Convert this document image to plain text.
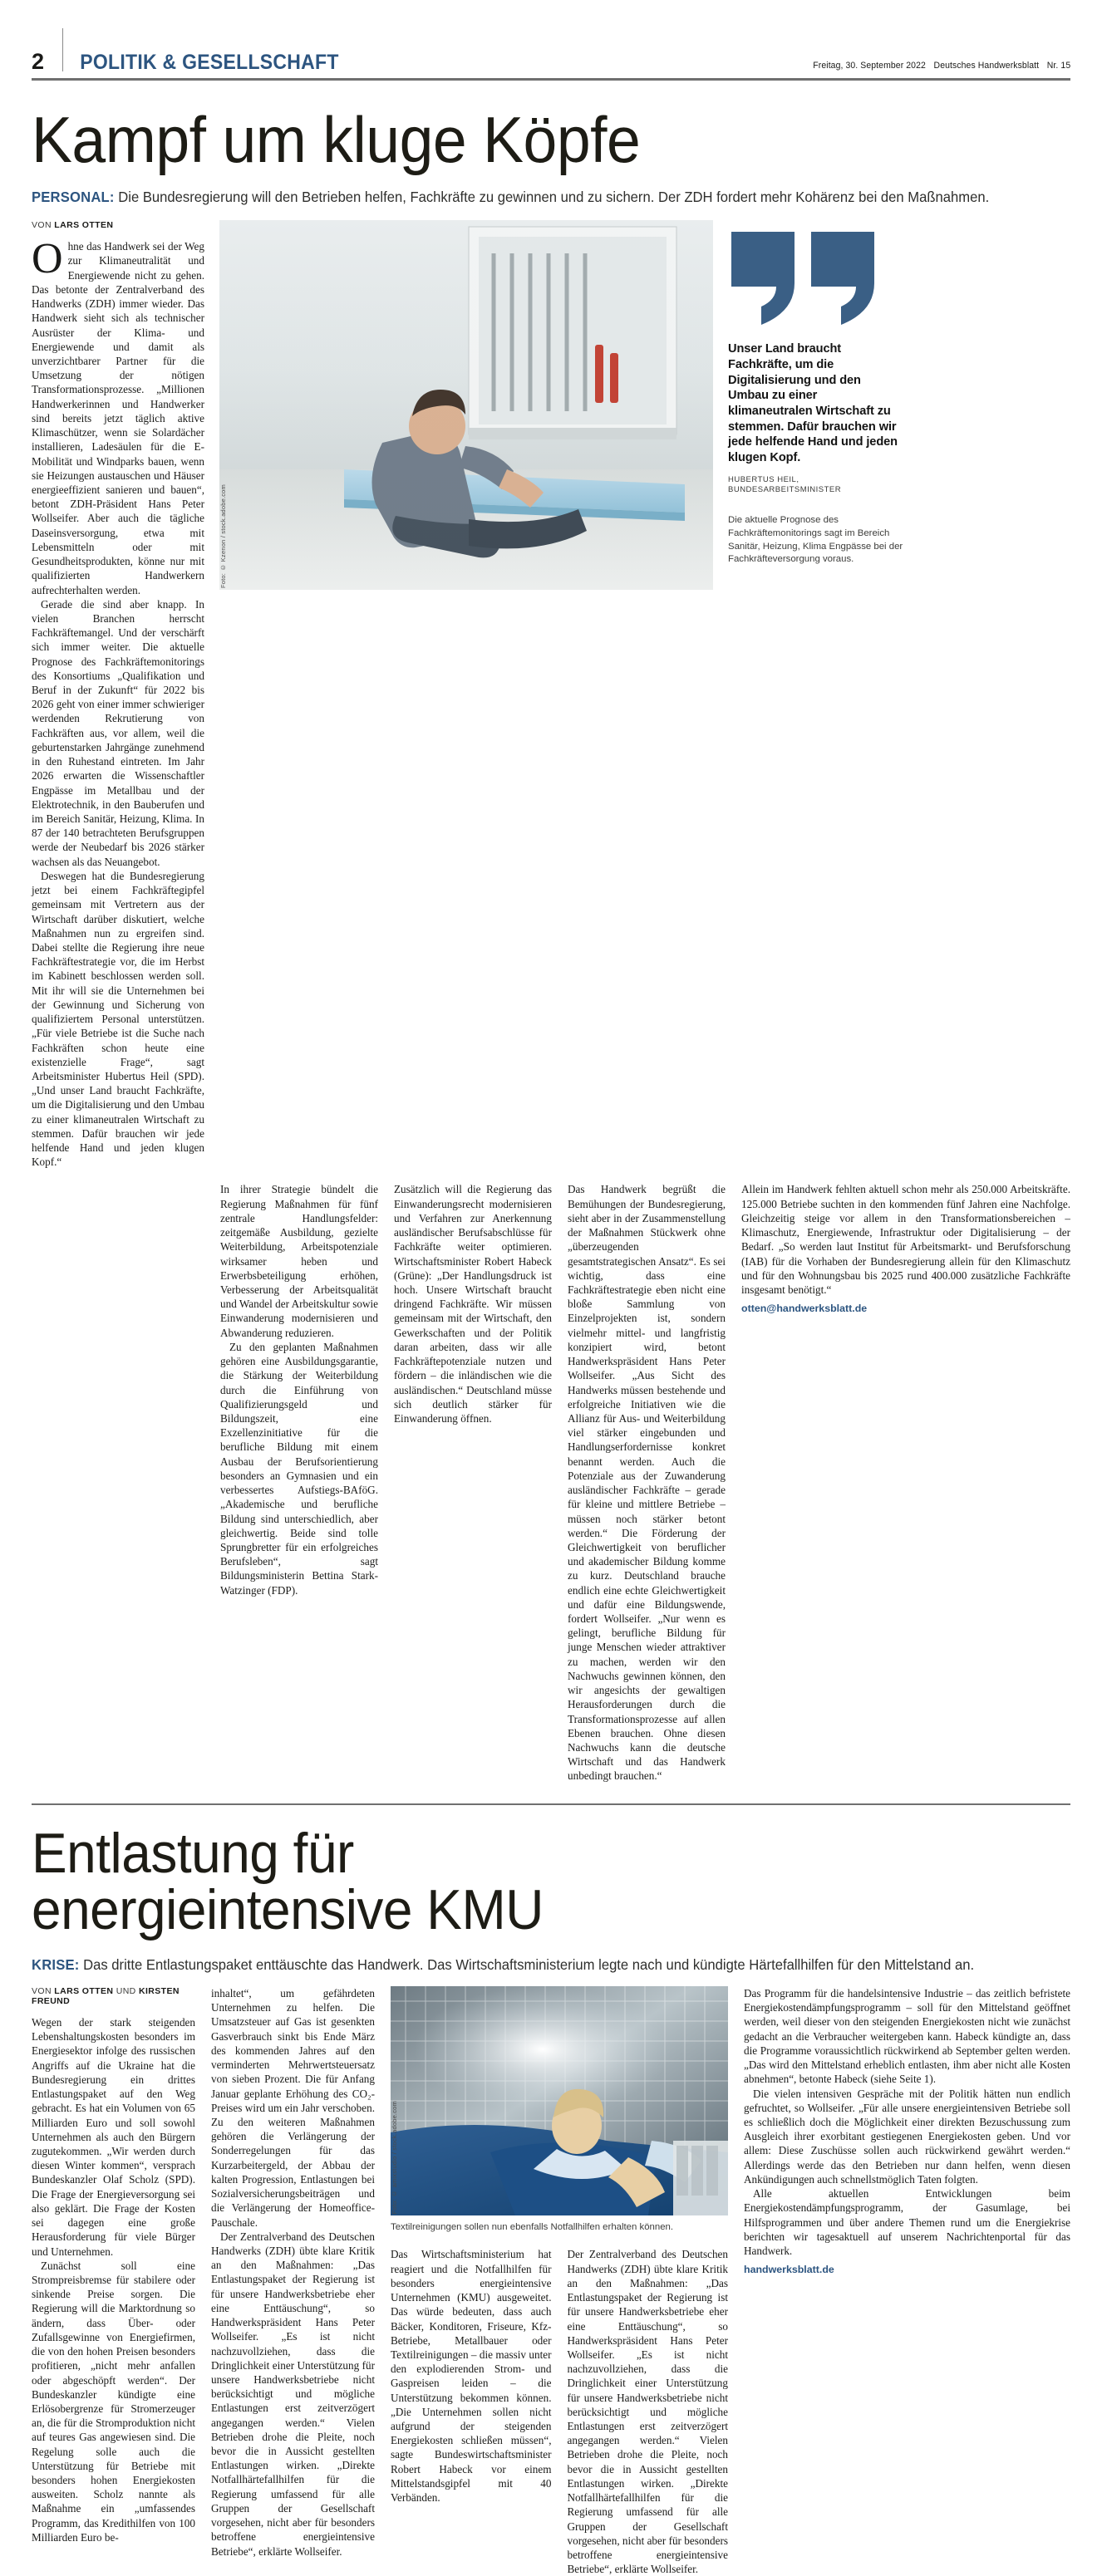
2	POLITIK & GESELLSCHAFT	Freitag, 30. September 2022 Deutsches Handwerksblatt Nr. 15
Kampf um kluge Köpfe
PERSONAL: Die Bundesregierung will den Betrieben helfen, Fachkräfte zu gewinnen und zu sichern. Der ZDH fordert mehr Kohärenz bei den Maßnahmen.
VON LARS OTTEN

Ohne das Handwerk sei der Weg zur Klimaneutralität und Energiewende nicht zu gehen. Das betonte der Zentralverband des Handwerks (ZDH) immer wieder. Das Handwerk sieht sich als technischer Ausrüster der Klima- und Energiewende und damit als unverzichtbarer Partner für die Umsetzung der nötigen Transformationsprozesse. „Millionen Handwerkerinnen und Handwerker sind bereits jetzt täglich aktive Klimaschützer, wenn sie Solardächer installieren, Ladesäulen für die E-Mobilität und Windparks bauen, wenn sie Heizungen austauschen und Häuser energieeffizient sanieren und bauen“, betont ZDH-Präsident Hans Peter Wollseifer. Aber auch die tägliche Daseinsversorgung, etwa mit Lebensmitteln oder mit Gesundheitsprodukten, könne nur mit qualifizierten Handwerkern aufrechterhalten werden.

Gerade die sind aber knapp. In vielen Branchen herrscht Fachkräftemangel. Und der verschärft sich immer weiter. Die aktuelle Prognose des Fachkräftemonitorings des Konsortiums „Qualifikation und Beruf in der Zukunft“ für 2022 bis 2026 geht von einer immer schwieriger werdenden Rekrutierung von Fachkräften aus, vor allem, weil die geburtenstarken Jahrgänge zunehmend in den Ruhestand eintreten. Im Jahr 2026 erwarten die Wissenschaftler Engpässe im Metallbau und der Elektrotechnik, in den Bauberufen und im Bereich Sanitär, Heizung, Klima. In 87 der 140 betrachteten Berufsgruppen werde der Neubedarf bis 2026 stärker wachsen als das Neuangebot.

Deswegen hat die Bundesregierung jetzt bei einem Fachkräftegipfel gemeinsam mit Vertretern aus der Wirtschaft darüber diskutiert, welche Maßnahmen nun zu ergreifen sind. Dabei stellte die Regierung ihre neue Fachkräftestrategie vor, die im Herbst im Kabinett beschlossen werden soll. Mit ihr will sie die Unternehmen bei der Gewinnung und Sicherung von qualifiziertem Personal unterstützen. „Für viele Betriebe ist die Suche nach Fachkräften schon heute eine existenzielle Frage“, sagt Arbeitsminister Hubertus Heil (SPD). „Und unser Land braucht Fachkräfte, um die Digitalisierung und den Umbau zu einer klimaneutralen Wirtschaft zu stemmen. Dafür brauchen wir jede helfende Hand und jeden klugen Kopf.“

Foto: © Kzenon / stock.adobe.com
Unser Land braucht Fachkräfte, um die Digitalisierung und den Umbau zu einer klimaneutralen Wirtschaft zu stemmen. Dafür brauchen wir jede helfende Hand und jeden klugen Kopf.
HUBERTUS HEIL,
BUNDESARBEITSMINISTER
Die aktuelle Prognose des Fachkräftemonitorings sagt im Bereich Sanitär, Heizung, Klima Engpässe bei der Fachkräfteversorgung voraus.

In ihrer Strategie bündelt die Regierung Maßnahmen für fünf zentrale Handlungsfelder: zeitgemäße Ausbildung, gezielte Weiterbildung, Arbeitspotenziale wirksamer heben und Erwerbsbeteiligung erhöhen, Verbesserung der Arbeitsqualität und Wandel der Arbeitskultur sowie Einwanderung modernisieren und Abwanderung reduzieren.

Zu den geplanten Maßnahmen gehören eine Ausbildungsgarantie, die Stärkung der Weiterbildung durch die Einführung von Qualifizierungsgeld und Bildungszeit, eine Exzellenzinitiative für die berufliche Bildung mit einem Ausbau der Berufsorientierung besonders an Gymnasien und ein verbessertes Aufstiegs-BAföG. „Akademische und berufliche Bildung sind unterschiedlich, aber gleichwertig. Beide sind tolle Sprungbretter für ein erfolgreiches Berufsleben“, sagt Bildungsministerin Bettina Stark-Watzinger (FDP).

Zusätzlich will die Regierung das Einwanderungsrecht modernisieren und Verfahren zur Anerkennung ausländischer Berufsabschlüsse für Fachkräfte weiter optimieren. Wirtschaftsminister Robert Habeck (Grüne): „Der Handlungsdruck ist hoch. Unsere Wirtschaft braucht dringend Fachkräfte. Wir müssen gemeinsam mit der Wirtschaft, den Gewerkschaften und der Politik daran arbeiten, dass wir alle Fachkräftepotenziale nutzen und fördern – die inländischen wie die ausländischen.“ Deutschland müsse sich deutlich stärker für Einwanderung öffnen.

Das Handwerk begrüßt die Bemühungen der Bundesregierung, sieht aber in der Zusammenstellung der Maßnahmen Stückwerk ohne „überzeugenden gesamtstrategischen Ansatz“. Es sei wichtig, dass eine Fachkräftestrategie eben nicht eine bloße Sammlung von Einzelprojekten ist, sondern vielmehr mittel- und langfristig konzipiert wird, betont Handwerkspräsident Hans Peter Wollseifer. „Aus Sicht des Handwerks müssen bestehende und erfolgreiche Initiativen wie die Allianz für Aus- und Weiterbildung viel stärker eingebunden und Handlungserfordernisse konkret benannt werden. Auch die Potenziale aus der Zuwanderung ausländischer Fachkräfte – gerade für kleine und mittlere Betriebe – müssen noch stärker betont werden.“ Die Förderung der Gleichwertigkeit von beruflicher und akademischer Bildung komme zu kurz. Deutschland brauche endlich eine echte Gleichwertigkeit und dafür eine Bildungswende, fordert Wollseifer. „Nur wenn es gelingt, berufliche Bildung für junge Menschen wieder attraktiver zu machen, werden wir den Nachwuchs gewinnen können, den wir angesichts der gewaltigen Herausforderungen durch die Transformationsprozesse auf allen Ebenen brauchen. Ohne diesen Nachwuchs kann die deutsche Wirtschaft und das Handwerk unbedingt brauchen.“

Allein im Handwerk fehlten aktuell schon mehr als 250.000 Arbeitskräfte. 125.000 Betriebe suchten in den kommenden fünf Jahren eine Nachfolge. Gleichzeitig steige vor allem in den Transformationsbereichen – Klimaschutz, Energiewende, Infrastruktur oder Digitalisierung – der Bedarf. „So werden laut Institut für Arbeitsmarkt- und Berufsforschung (IAB) für die Vorhaben der Bundesregierung allein für den Klimaschutz und für den Wohnungsbau bis 2025 rund 400.000 zusätzliche Fachkräfte insgesamt benötigt.“

otten@handwerksblatt.de
Entlastung für
energieintensive KMU
KRISE: Das dritte Entlastungspaket enttäuschte das Handwerk. Das Wirtschaftsministerium legte nach und kündigte Härtefallhilfen für den Mittelstand an.
VON LARS OTTEN UND KIRSTEN FREUND

Wegen der stark steigenden Lebenshaltungskosten besonders im Energiesektor infolge des russischen Angriffs auf die Ukraine hat die Bundesregierung ein drittes Entlastungspaket auf den Weg gebracht. Es hat ein Volumen von 65 Milliarden Euro und soll sowohl Unternehmen als auch den Bürgern zugutekommen. „Wir werden durch diesen Winter kommen“, versprach Bundeskanzler Olaf Scholz (SPD). Die Frage der Energieversorgung sei also geklärt. Die Frage der Kosten sei dagegen eine große Herausforderung für viele Bürger und Unternehmen.

Zunächst soll eine Strompreisbremse für stabilere oder sinkende Preise sorgen. Die Regierung will die Marktordnung so ändern, dass Über- oder Zufallsgewinne von Energiefirmen, die von den hohen Preisen besonders profitieren, „nicht mehr anfallen oder abgeschöpft werden“. Der Bundeskanzler kündigte eine Erlösobergrenze für Stromerzeuger an, die für die Stromproduktion nicht auf teures Gas angewiesen sind. Die Regelung solle auch die Unterstützung für Betriebe mit besonders hohen Energiekosten ausweiten. Scholz nannte als Maßnahme ein „umfassendes Programm, das Kredithilfen von 100 Milliarden Euro be-

inhaltet“, um gefährdeten Unternehmen zu helfen. Die Umsatzsteuer auf Gas ist gesenkten Gasverbrauch sinkt bis Ende März des kommenden Jahres auf den verminderten Mehrwertsteuersatz von sieben Prozent. Die für Anfang Januar geplante Erhöhung des CO₂-Preises wird um ein Jahr verschoben. Zu den weiteren Maßnahmen gehören die Verlängerung der Sonderregelungen für das Kurzarbeitergeld, der Abbau der kalten Progression, Entlastungen bei Sozialversicherungsbeiträgen und die Verlängerung der Homeoffice-Pauschale.

Der Zentralverband des Deutschen Handwerks (ZDH) übte klare Kritik an den Maßnahmen: „Das Entlastungspaket der Regierung ist für unsere Handwerksbetriebe eher eine Enttäuschung“, so Handwerkspräsident Hans Peter Wollseifer. „Es ist nicht nachzuvollziehen, dass die Dringlichkeit einer Unterstützung für unsere Handwerksbetriebe nicht berücksichtigt und mögliche Entlastungen erst zeitverzögert angegangen werden.“ Vielen Betrieben drohe die Pleite, noch bevor die in Aussicht gestellten Entlastungen wirken. „Direkte Notfallhärtefallhilfen für die Regierung umfassend für alle Gruppen der Gesellschaft vorgesehen, nicht aber für besonders betroffene energieintensive Betriebe“, erklärte Wollseifer.

Foto: © amixstudio / stock.adobe.com
Textilreinigungen sollen nun ebenfalls Notfallhilfen erhalten können.

Das Wirtschaftsministerium hat reagiert und die Notfallhilfen für besonders energieintensive Unternehmen (KMU) ausgeweitet. Das würde bedeuten, dass auch Bäcker, Konditoren, Friseure, Kfz-Betriebe, Metallbauer oder Textilreinigungen – die massiv unter den explodierenden Strom- und Gaspreisen leiden – die Unterstützung bekommen können. „Die Unternehmen sollen nicht aufgrund der steigenden Energiekosten schließen müssen“, sagte Bundeswirtschaftsminister Robert Habeck vor einem Mittelstandsgipfel mit 40 Verbänden.

Der Zentralverband des Deutschen Handwerks (ZDH) übte klare Kritik an den Maßnahmen: „Das Entlastungspaket der Regierung ist für unsere Handwerksbetriebe eher eine Enttäuschung“, so Handwerkspräsident Hans Peter Wollseifer. „Es ist nicht nachzuvollziehen, dass die Dringlichkeit einer Unterstützung für unsere Handwerksbetriebe nicht berücksichtigt und mögliche Entlastungen erst zeitverzögert angegangen werden.“ Vielen Betrieben drohe die Pleite, noch bevor die in Aussicht gestellten Entlastungen wirken. „Direkte Notfallhärtefallhilfen für die Regierung umfassend für alle Gruppen der Gesellschaft vorgesehen, nicht aber für besonders betroffene energieintensive Betriebe“, erklärte Wollseifer.

Das Programm für die handelsintensive Industrie – das zeitlich befristete Energiekostendämpfungsprogramm – soll für den Mittelstand geöffnet werden, weil dieser von den steigenden Energiekosten nicht wie zunächst gedacht an die Verbraucher weitergeben kann. Habeck kündigte an, dass die Programme voraussichtlich rückwirkend ab September gelten werden. „Das wird den Mittelstand erheblich entlasten, ihm aber nicht alle Kosten abnehmen“, betonte Habeck (siehe Seite 1).

Die vielen intensiven Gespräche mit der Politik hätten nun endlich gefruchtet, so Wollseifer. „Für alle unsere energieintensiven Betriebe soll es schließlich doch die Möglichkeit einer direkten Bezuschussung zum Ausgleich ihrer exorbitant gestiegenen Energiekosten geben. Und vor allem: Diese Zuschüsse sollen auch rückwirkend gewährt werden.“ Allerdings werde das den Betrieben nur dann helfen, wenn diesen Ankündigungen auch schnellstmöglich Taten folgten.

Alle aktuellen Entwicklungen beim Energiekostendämpfungsprogramm, der Gasumlage, bei Hilfsprogrammen und über andere Themen rund um die Energiekrise berichten wir tagesaktuell auf unserem Nachrichtenportal für das Handwerk.

handwerksblatt.de
